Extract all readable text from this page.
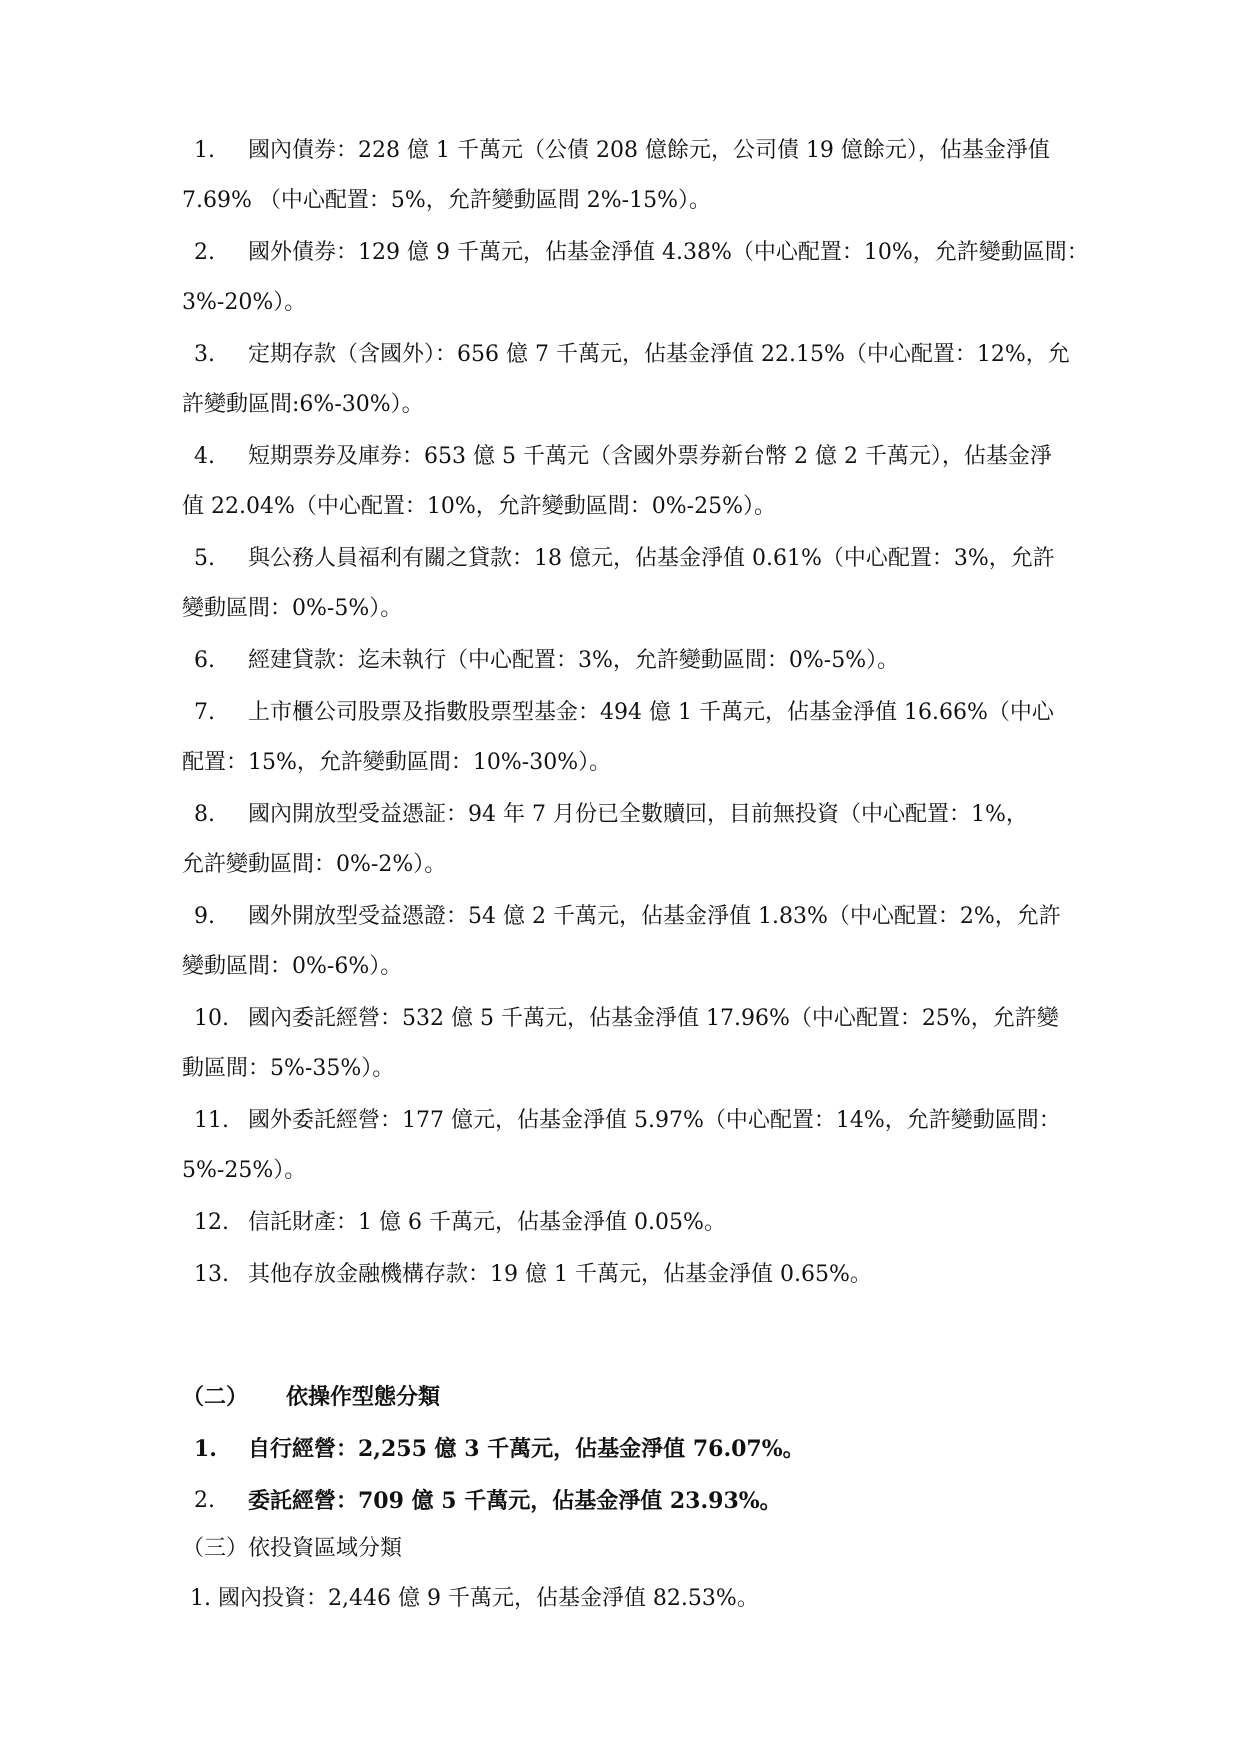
1.	國內債券：228 億 1 千萬元（公債 208 億餘元，公司債 19 億餘元），佔基金淨值
7.69% （中心配置：5%，允許變動區間 2%-15%）。
2.	國外債券：129 億 9 千萬元，佔基金淨值 4.38%（中心配置：10%，允許變動區間：
3%-20%）。
3.	定期存款（含國外）：656 億 7 千萬元，佔基金淨值 22.15%（中心配置：12%，允
許變動區間:6%-30%）。
4.	短期票券及庫券：653 億 5 千萬元（含國外票券新台幣 2 億 2 千萬元），佔基金淨
值 22.04%（中心配置：10%，允許變動區間：0%-25%）。
5.	與公務人員福利有關之貸款：18 億元，佔基金淨值 0.61%（中心配置：3%，允許
變動區間：0%-5%）。
6.	經建貸款：迄未執行（中心配置：3%，允許變動區間：0%-5%）。
7.	上市櫃公司股票及指數股票型基金：494 億 1 千萬元，佔基金淨值 16.66%（中心
配置：15%，允許變動區間：10%-30%）。
8.	國內開放型受益憑証：94 年 7 月份已全數贖回，目前無投資（中心配置：1%，
允許變動區間：0%-2%）。
9.	國外開放型受益憑證：54 億 2 千萬元，佔基金淨值 1.83%（中心配置：2%，允許
變動區間：0%-6%）。
10. 國內委託經營：532 億 5 千萬元，佔基金淨值 17.96%（中心配置：25%，允許變
動區間：5%-35%）。
11. 國外委託經營：177 億元，佔基金淨值 5.97%（中心配置：14%，允許變動區間：
5%-25%）。
12. 信託財產：1 億 6 千萬元，佔基金淨值 0.05%。
13. 其他存放金融機構存款：19 億 1 千萬元，佔基金淨值 0.65%。
（二） 依操作型態分類
1.	自行經營：2,255 億 3 千萬元，佔基金淨值 76.07%。
2.	委託經營：709 億 5 千萬元，佔基金淨值 23.93%。
（三）依投資區域分類
1. 國內投資：2,446 億 9 千萬元，佔基金淨值 82.53%。
